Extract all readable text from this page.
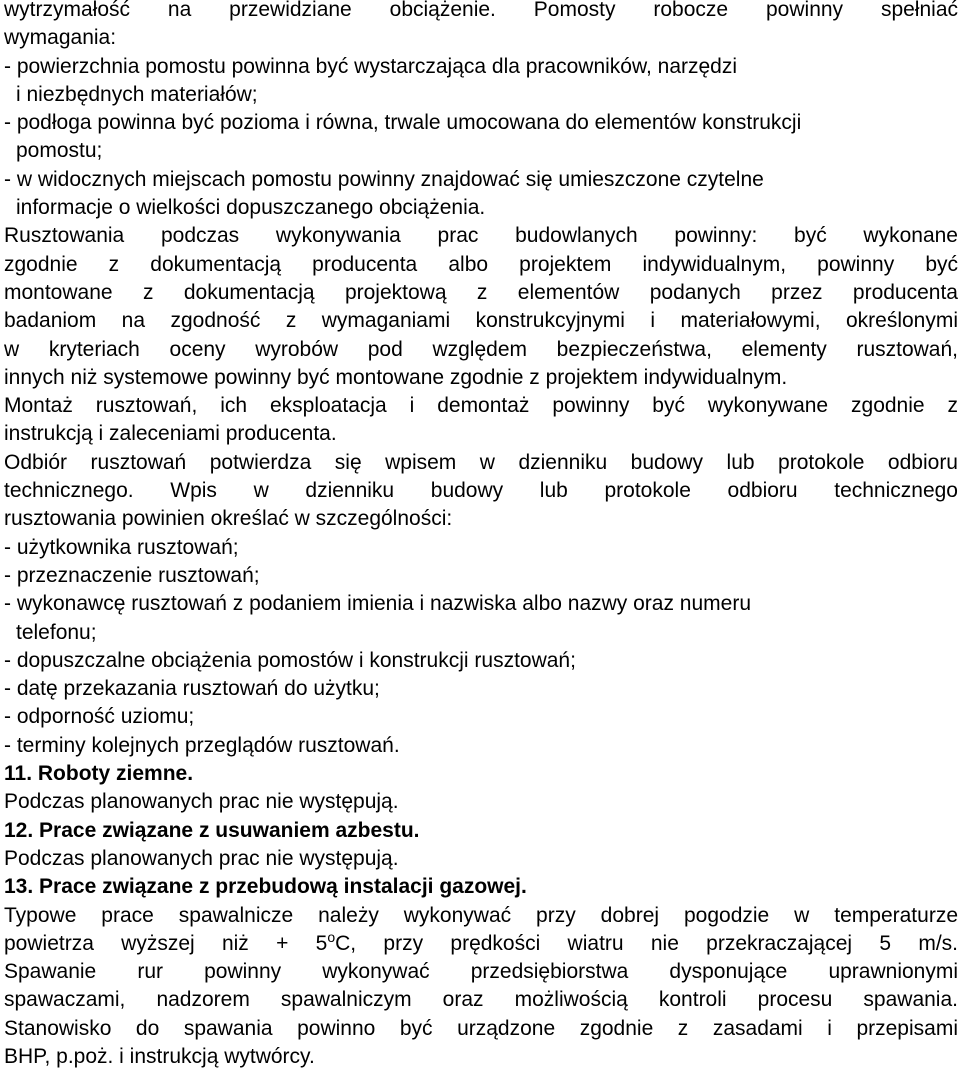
wytrzymałość na przewidziane obciążenie. Pomosty robocze powinny spełniać
wymagania:
- powierzchnia pomostu powinna być wystarczająca dla pracowników, narzędzi
i niezbędnych materiałów;
- podłoga powinna być pozioma i równa, trwale umocowana do elementów konstrukcji
pomostu;
- w widocznych miejscach pomostu powinny znajdować się umieszczone czytelne
informacje o wielkości dopuszczanego obciążenia.
Rusztowania podczas wykonywania prac budowlanych powinny: być wykonane
zgodnie z dokumentacją producenta albo projektem indywidualnym, powinny być
montowane z dokumentacją projektową z elementów podanych przez producenta
badaniom na zgodność z wymaganiami konstrukcyjnymi i materiałowymi, określonymi
w kryteriach oceny wyrobów pod względem bezpieczeństwa, elementy rusztowań,
innych niż systemowe powinny być montowane zgodnie z projektem indywidualnym.
Montaż rusztowań, ich eksploatacja i demontaż powinny być wykonywane zgodnie z
instrukcją i zaleceniami producenta.
Odbiór rusztowań potwierdza się wpisem w dzienniku budowy lub protokole odbioru
technicznego. Wpis w dzienniku budowy lub protokole odbioru technicznego
rusztowania powinien określać w szczególności:
- użytkownika rusztowań;
- przeznaczenie rusztowań;
- wykonawcę rusztowań z podaniem imienia i nazwiska albo nazwy oraz numeru
telefonu;
- dopuszczalne obciążenia pomostów i konstrukcji rusztowań;
- datę przekazania rusztowań do użytku;
- odporność uziomu;
- terminy kolejnych przeglądów rusztowań.
11. Roboty ziemne.
Podczas planowanych prac nie występują.
12. Prace związane z usuwaniem azbestu.
Podczas planowanych prac nie występują.
13. Prace związane z przebudową instalacji gazowej.
Typowe prace spawalnicze należy wykonywać przy dobrej pogodzie w temperaturze
powietrza wyższej niż + $5^oC$, przy prędkości wiatru nie przekraczającej 5 m/s.
Spawanie rur powinny wykonywać przedsiębiorstwa dysponujące uprawnionymi
spawaczami, nadzorem spawalniczym oraz możliwością kontroli procesu spawania.
Stanowisko do spawania powinno być urządzone zgodnie z zasadami i przepisami
BHP, p.poż. i instrukcją wytwórcy.
